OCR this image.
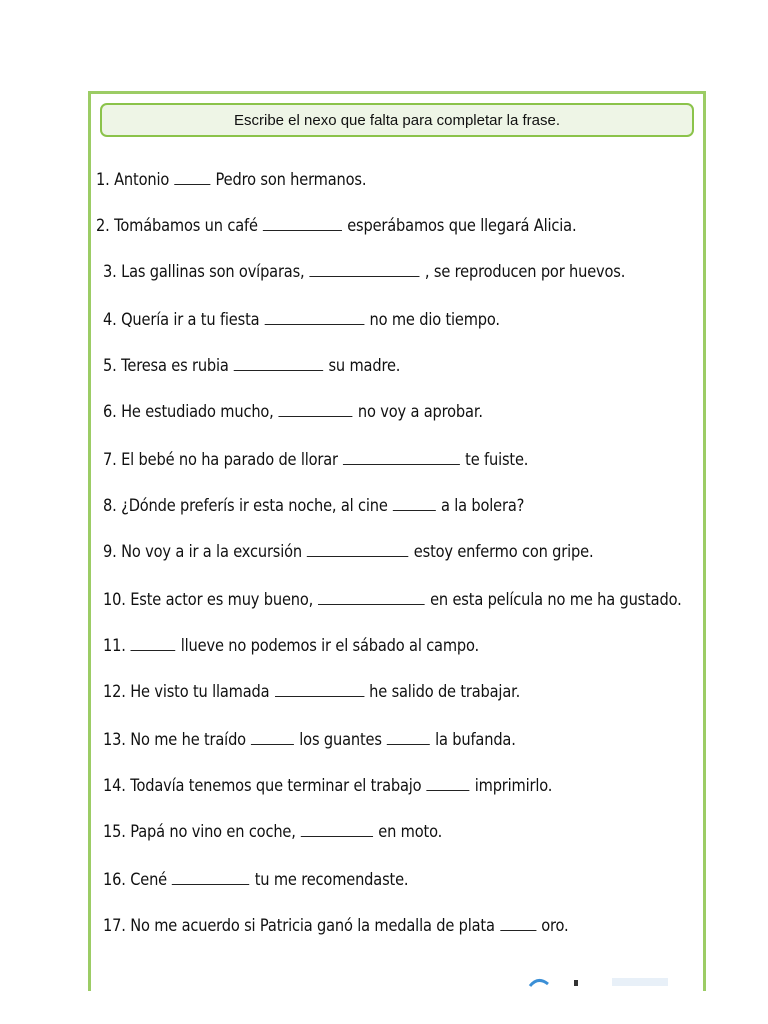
Escribe el nexo que falta para completar la frase.
1. Antonio	Pedro son hermanos.
2. Tomábamos un café	esperábamos que llegará Alicia.
3. Las gallinas son ovíparas,	, se reproducen por huevos.
4. Quería ir a tu fiesta	no me dio tiempo.
5. Teresa es rubia	su madre.
6. He estudiado mucho,	no voy a aprobar.
7. El bebé no ha parado de llorar	te fuiste.
8. ¿Dónde preferís ir esta noche, al cine	a la bolera?
9. No voy a ir a la excursión	estoy enfermo con gripe.
10. Este actor es muy bueno,	en esta película no me ha gustado.
11.	llueve no podemos ir el sábado al campo.
12. He visto tu llamada	he salido de trabajar.
13. No me he traído	los guantes	la bufanda.
14. Todavía tenemos que terminar el trabajo	imprimirlo.
15. Papá no vino en coche,	en moto.
16. Cené	tu me recomendaste.
17. No me acuerdo si Patricia ganó la medalla de plata	oro.
